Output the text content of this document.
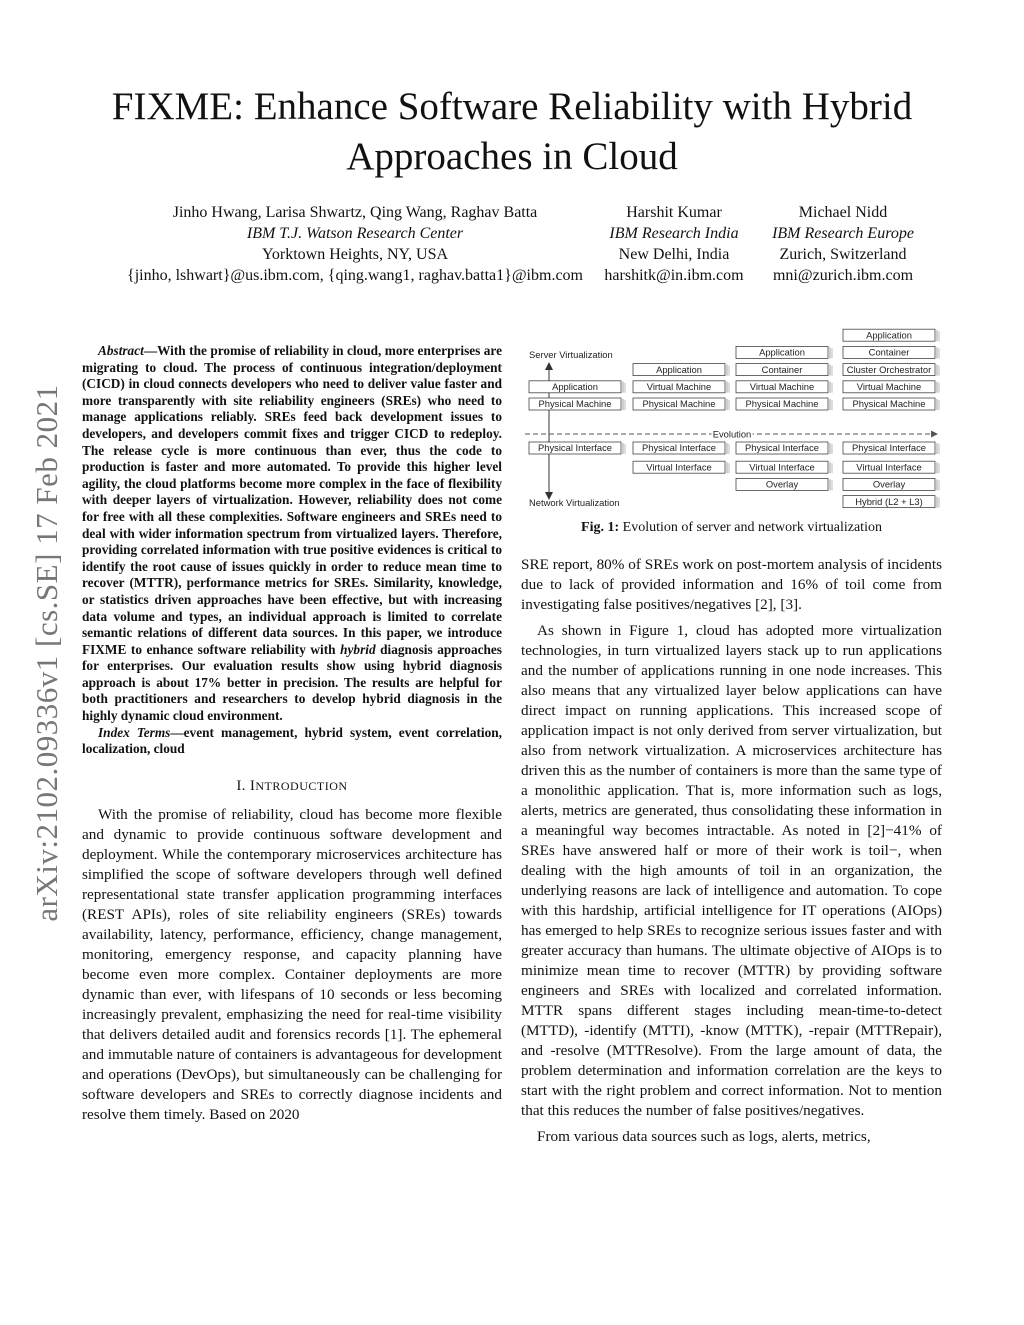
arXiv:2102.09336v1 [cs.SE] 17 Feb 2021
FIXME: Enhance Software Reliability with Hybrid Approaches in Cloud
Jinho Hwang, Larisa Shwartz, Qing Wang, Raghav Batta
IBM T.J. Watson Research Center
Yorktown Heights, NY, USA
{jinho, lshwart}@us.ibm.com, {qing.wang1, raghav.batta1}@ibm.com
Harshit Kumar
IBM Research India
New Delhi, India
harshitk@in.ibm.com
Michael Nidd
IBM Research Europe
Zurich, Switzerland
mni@zurich.ibm.com

Abstract—With the promise of reliability in cloud, more enterprises are migrating to cloud. The process of continuous integration/deployment (CICD) in cloud connects developers who need to deliver value faster and more transparently with site reliability engineers (SREs) who need to manage applications reliably. SREs feed back development issues to developers, and developers commit fixes and trigger CICD to redeploy. The release cycle is more continuous than ever, thus the code to production is faster and more automated. To provide this higher level agility, the cloud platforms become more complex in the face of flexibility with deeper layers of virtualization. However, reliability does not come for free with all these complexities. Software engineers and SREs need to deal with wider information spectrum from virtualized layers. Therefore, providing correlated information with true positive evidences is critical to identify the root cause of issues quickly in order to reduce mean time to recover (MTTR), performance metrics for SREs. Similarity, knowledge, or statistics driven approaches have been effective, but with increasing data volume and types, an individual approach is limited to correlate semantic relations of different data sources. In this paper, we introduce FIXME to enhance software reliability with hybrid diagnosis approaches for enterprises. Our evaluation results show using hybrid diagnosis approach is about 17% better in precision. The results are helpful for both practitioners and researchers to develop hybrid diagnosis in the highly dynamic cloud environment.

Index Terms—event management, hybrid system, event correlation, localization, cloud

I. INTRODUCTION

With the promise of reliability, cloud has become more flexible and dynamic to provide continuous software development and deployment. While the contemporary microservices architecture has simplified the scope of software developers through well defined representational state transfer application programming interfaces (REST APIs), roles of site reliability engineers (SREs) towards availability, latency, performance, efficiency, change management, monitoring, emergency response, and capacity planning have become even more complex. Container deployments are more dynamic than ever, with lifespans of 10 seconds or less becoming increasingly prevalent, emphasizing the need for real-time visibility that delivers detailed audit and forensics records [1]. The ephemeral and immutable nature of containers is advantageous for development and operations (DevOps), but simultaneously can be challenging for software developers and SREs to correctly diagnose incidents and resolve them timely. Based on 2020

Server Virtualization
Network Virtualization
Evolution
Application
Physical Machine
Physical Interface
Application
Virtual Machine
Physical Machine
Physical Interface
Virtual Interface
Application
Container
Virtual Machine
Physical Machine
Physical Interface
Virtual Interface
Overlay
Application
Container
Cluster Orchestrator
Virtual Machine
Physical Machine
Physical Interface
Virtual Interface
Overlay
Hybrid (L2 + L3)
Fig. 1: Evolution of server and network virtualization

SRE report, 80% of SREs work on post-mortem analysis of incidents due to lack of provided information and 16% of toil come from investigating false positives/negatives [2], [3].

As shown in Figure 1, cloud has adopted more virtualization technologies, in turn virtualized layers stack up to run applications and the number of applications running in one node increases. This also means that any virtualized layer below applications can have direct impact on running applications. This increased scope of application impact is not only derived from server virtualization, but also from network virtualization. A microservices architecture has driven this as the number of containers is more than the same type of a monolithic application. That is, more information such as logs, alerts, metrics are generated, thus consolidating these information in a meaningful way becomes intractable. As noted in [2]−41% of SREs have answered half or more of their work is toil−, when dealing with the high amounts of toil in an organization, the underlying reasons are lack of intelligence and automation. To cope with this hardship, artificial intelligence for IT operations (AIOps) has emerged to help SREs to recognize serious issues faster and with greater accuracy than humans. The ultimate objective of AIOps is to minimize mean time to recover (MTTR) by providing software engineers and SREs with localized and correlated information. MTTR spans different stages including mean-time-to-detect (MTTD), -identify (MTTI), -know (MTTK), -repair (MTTRepair), and -resolve (MTTResolve). From the large amount of data, the problem determination and information correlation are the keys to start with the right problem and correct information. Not to mention that this reduces the number of false positives/negatives.

From various data sources such as logs, alerts, metrics,
